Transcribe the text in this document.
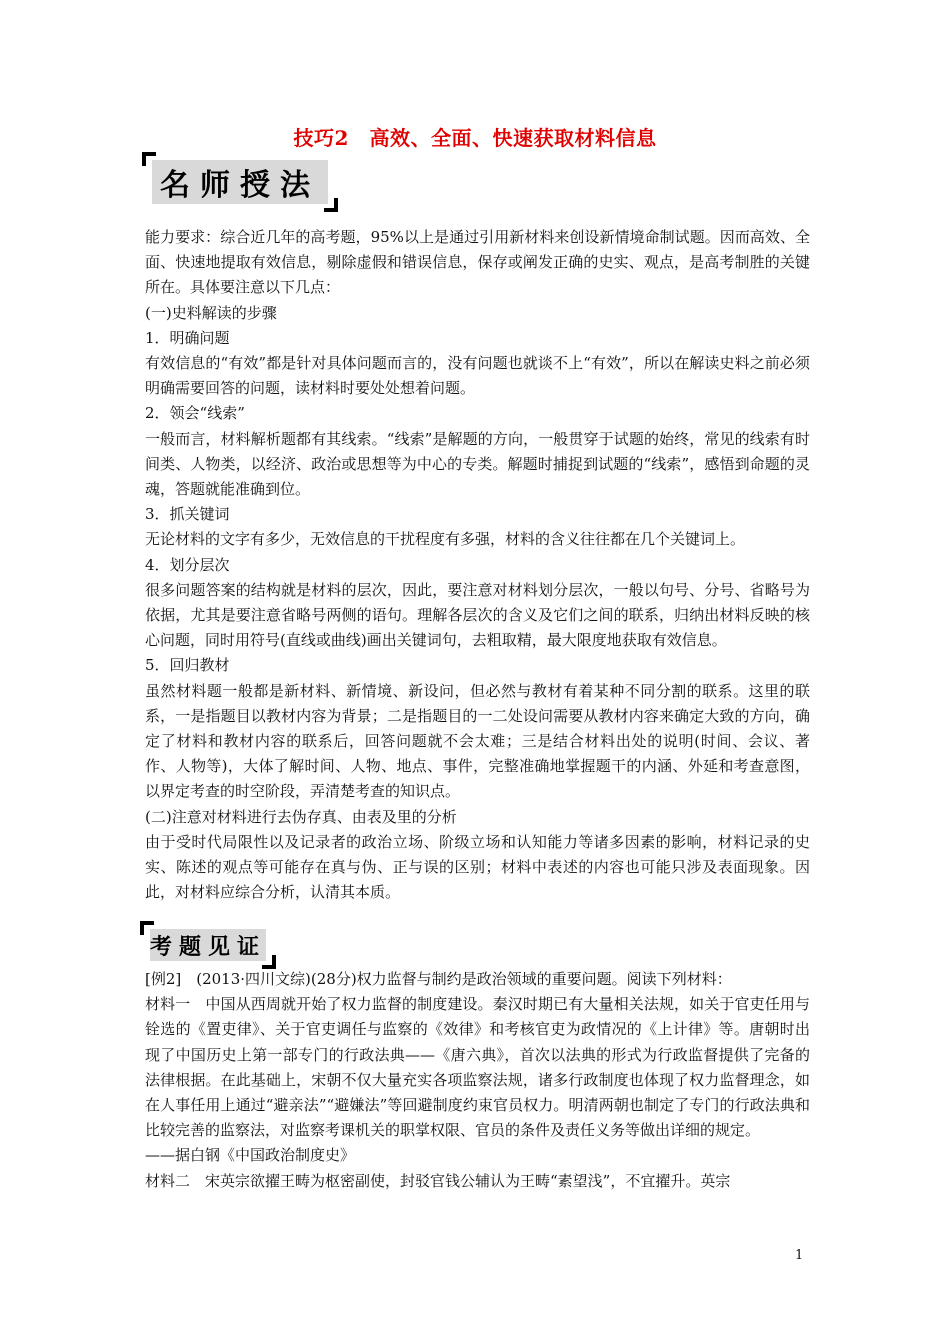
技巧2　高效、全面、快速获取材料信息
名师授法

能力要求：综合近几年的高考题，95%以上是通过引用新材料来创设新情境命制试题。因而高效、全面、快速地提取有效信息，剔除虚假和错误信息，保存或阐发正确的史实、观点，是高考制胜的关键所在。具体要注意以下几点：

(一)史料解读的步骤

1．明确问题

有效信息的“有效”都是针对具体问题而言的，没有问题也就谈不上“有效”，所以在解读史料之前必须明确需要回答的问题，读材料时要处处想着问题。

2．领会“线索”

一般而言，材料解析题都有其线索。“线索”是解题的方向，一般贯穿于试题的始终，常见的线索有时间类、人物类，以经济、政治或思想等为中心的专类。解题时捕捉到试题的“线索”，感悟到命题的灵魂，答题就能准确到位。

3．抓关键词

无论材料的文字有多少，无效信息的干扰程度有多强，材料的含义往往都在几个关键词上。

4．划分层次

很多问题答案的结构就是材料的层次，因此，要注意对材料划分层次，一般以句号、分号、省略号为依据，尤其是要注意省略号两侧的语句。理解各层次的含义及它们之间的联系，归纳出材料反映的核心问题，同时用符号(直线或曲线)画出关键词句，去粗取精，最大限度地获取有效信息。

5．回归教材

虽然材料题一般都是新材料、新情境、新设问，但必然与教材有着某种不同分割的联系。这里的联系，一是指题目以教材内容为背景；二是指题目的一二处设问需要从教材内容来确定大致的方向，确定了材料和教材内容的联系后，回答问题就不会太难；三是结合材料出处的说明(时间、会议、著作、人物等)，大体了解时间、人物、地点、事件，完整准确地掌握题干的内涵、外延和考查意图，以界定考查的时空阶段，弄清楚考查的知识点。

(二)注意对材料进行去伪存真、由表及里的分析

由于受时代局限性以及记录者的政治立场、阶级立场和认知能力等诸多因素的影响，材料记录的史实、陈述的观点等可能存在真与伪、正与误的区别；材料中表述的内容也可能只涉及表面现象。因此，对材料应综合分析，认清其本质。

考题见证

[例2]　(2013·四川文综)(28分)权力监督与制约是政治领域的重要问题。阅读下列材料：

材料一　中国从西周就开始了权力监督的制度建设。秦汉时期已有大量相关法规，如关于官吏任用与铨选的《置吏律》、关于官吏调任与监察的《效律》和考核官吏为政情况的《上计律》等。唐朝时出现了中国历史上第一部专门的行政法典——《唐六典》，首次以法典的形式为行政监督提供了完备的法律根据。在此基础上，宋朝不仅大量充实各项监察法规，诸多行政制度也体现了权力监督理念，如在人事任用上通过“避亲法”“避嫌法”等回避制度约束官员权力。明清两朝也制定了专门的行政法典和比较完善的监察法，对监察考课机关的职掌权限、官员的条件及责任义务等做出详细的规定。

——据白钢《中国政治制度史》

材料二　宋英宗欲擢王畴为枢密副使，封驳官钱公辅认为王畴“素望浅”，不宜擢升。英宗

1
